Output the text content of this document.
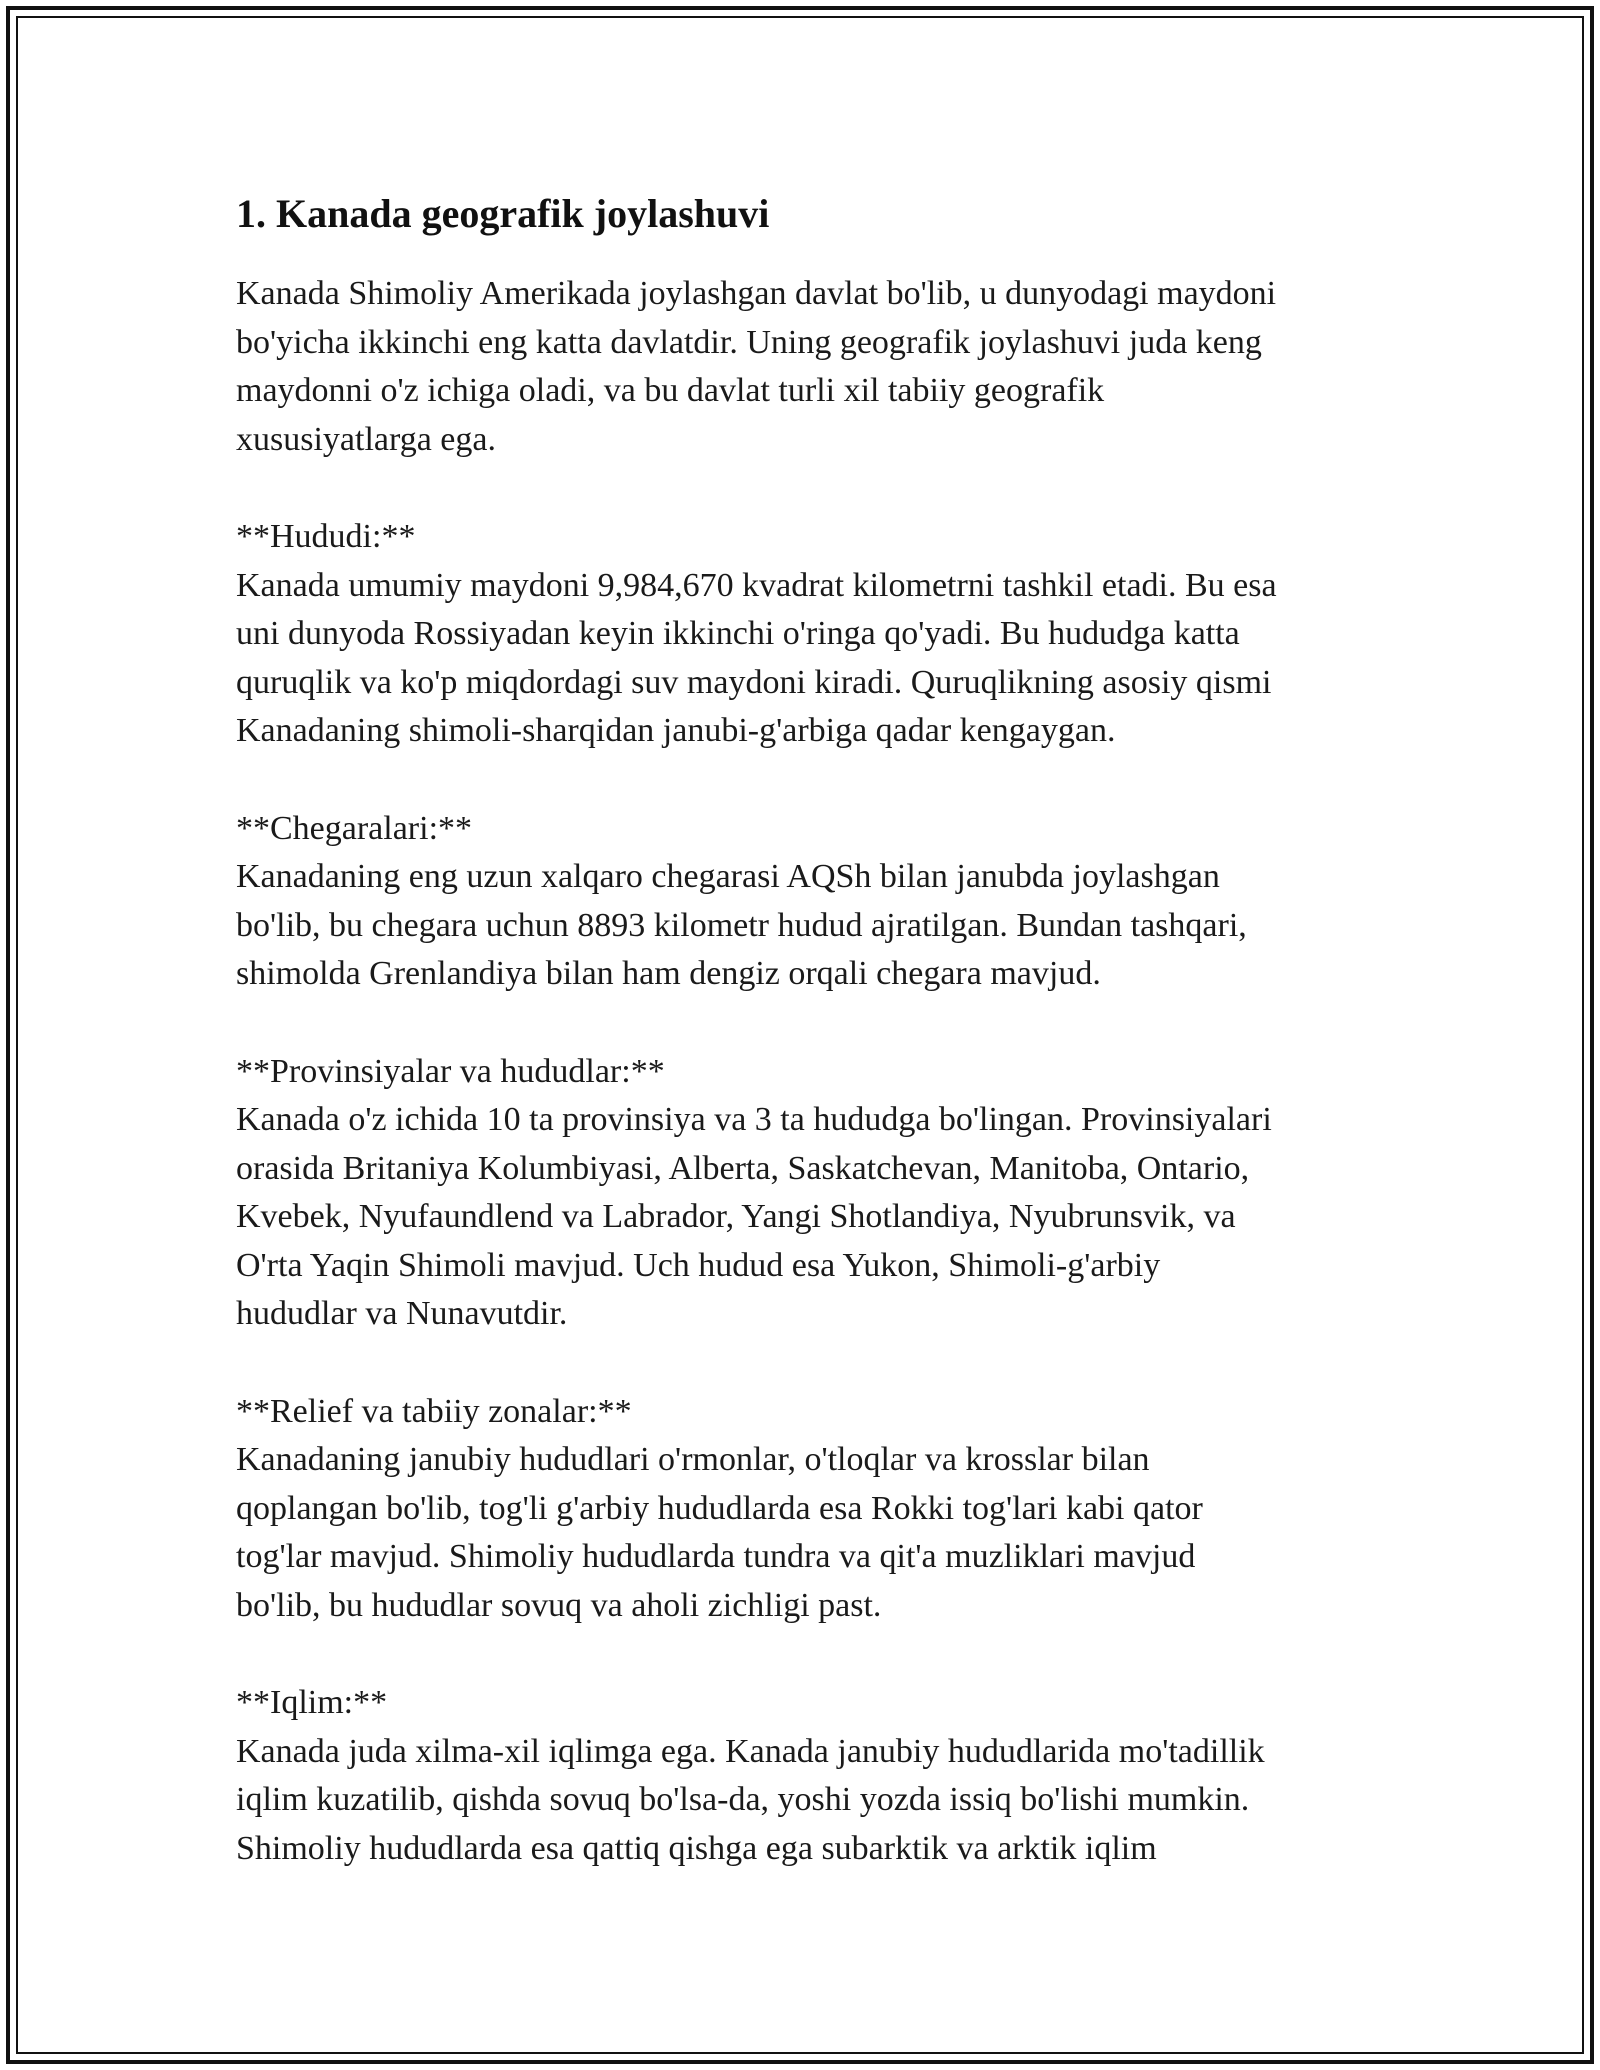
1. Kanada geografik joylashuvi

Kanada Shimoliy Amerikada joylashgan davlat bo'lib, u dunyodagi maydoni
bo'yicha ikkinchi eng katta davlatdir. Uning geografik joylashuvi juda keng
maydonni o'z ichiga oladi, va bu davlat turli xil tabiiy geografik
xususiyatlarga ega.

**Hududi:**

Kanada umumiy maydoni 9,984,670 kvadrat kilometrni tashkil etadi. Bu esa
uni dunyoda Rossiyadan keyin ikkinchi o'ringa qo'yadi. Bu hududga katta
quruqlik va ko'p miqdordagi suv maydoni kiradi. Quruqlikning asosiy qismi
Kanadaning shimoli-sharqidan janubi-g'arbiga qadar kengaygan.

**Chegaralari:**

Kanadaning eng uzun xalqaro chegarasi AQSh bilan janubda joylashgan
bo'lib, bu chegara uchun 8893 kilometr hudud ajratilgan. Bundan tashqari,
shimolda Grenlandiya bilan ham dengiz orqali chegara mavjud.

**Provinsiyalar va hududlar:**

Kanada o'z ichida 10 ta provinsiya va 3 ta hududga bo'lingan. Provinsiyalari
orasida Britaniya Kolumbiyasi, Alberta, Saskatchevan, Manitoba, Ontario,
Kvebek, Nyufaundlend va Labrador, Yangi Shotlandiya, Nyubrunsvik, va
O'rta Yaqin Shimoli mavjud. Uch hudud esa Yukon, Shimoli-g'arbiy
hududlar va Nunavutdir.

**Relief va tabiiy zonalar:**

Kanadaning janubiy hududlari o'rmonlar, o'tloqlar va krosslar bilan
qoplangan bo'lib, tog'li g'arbiy hududlarda esa Rokki tog'lari kabi qator
tog'lar mavjud. Shimoliy hududlarda tundra va qit'a muzliklari mavjud
bo'lib, bu hududlar sovuq va aholi zichligi past.

**Iqlim:**

Kanada juda xilma-xil iqlimga ega. Kanada janubiy hududlarida mo'tadillik
iqlim kuzatilib, qishda sovuq bo'lsa-da, yoshi yozda issiq bo'lishi mumkin.
Shimoliy hududlarda esa qattiq qishga ega subarktik va arktik iqlim
